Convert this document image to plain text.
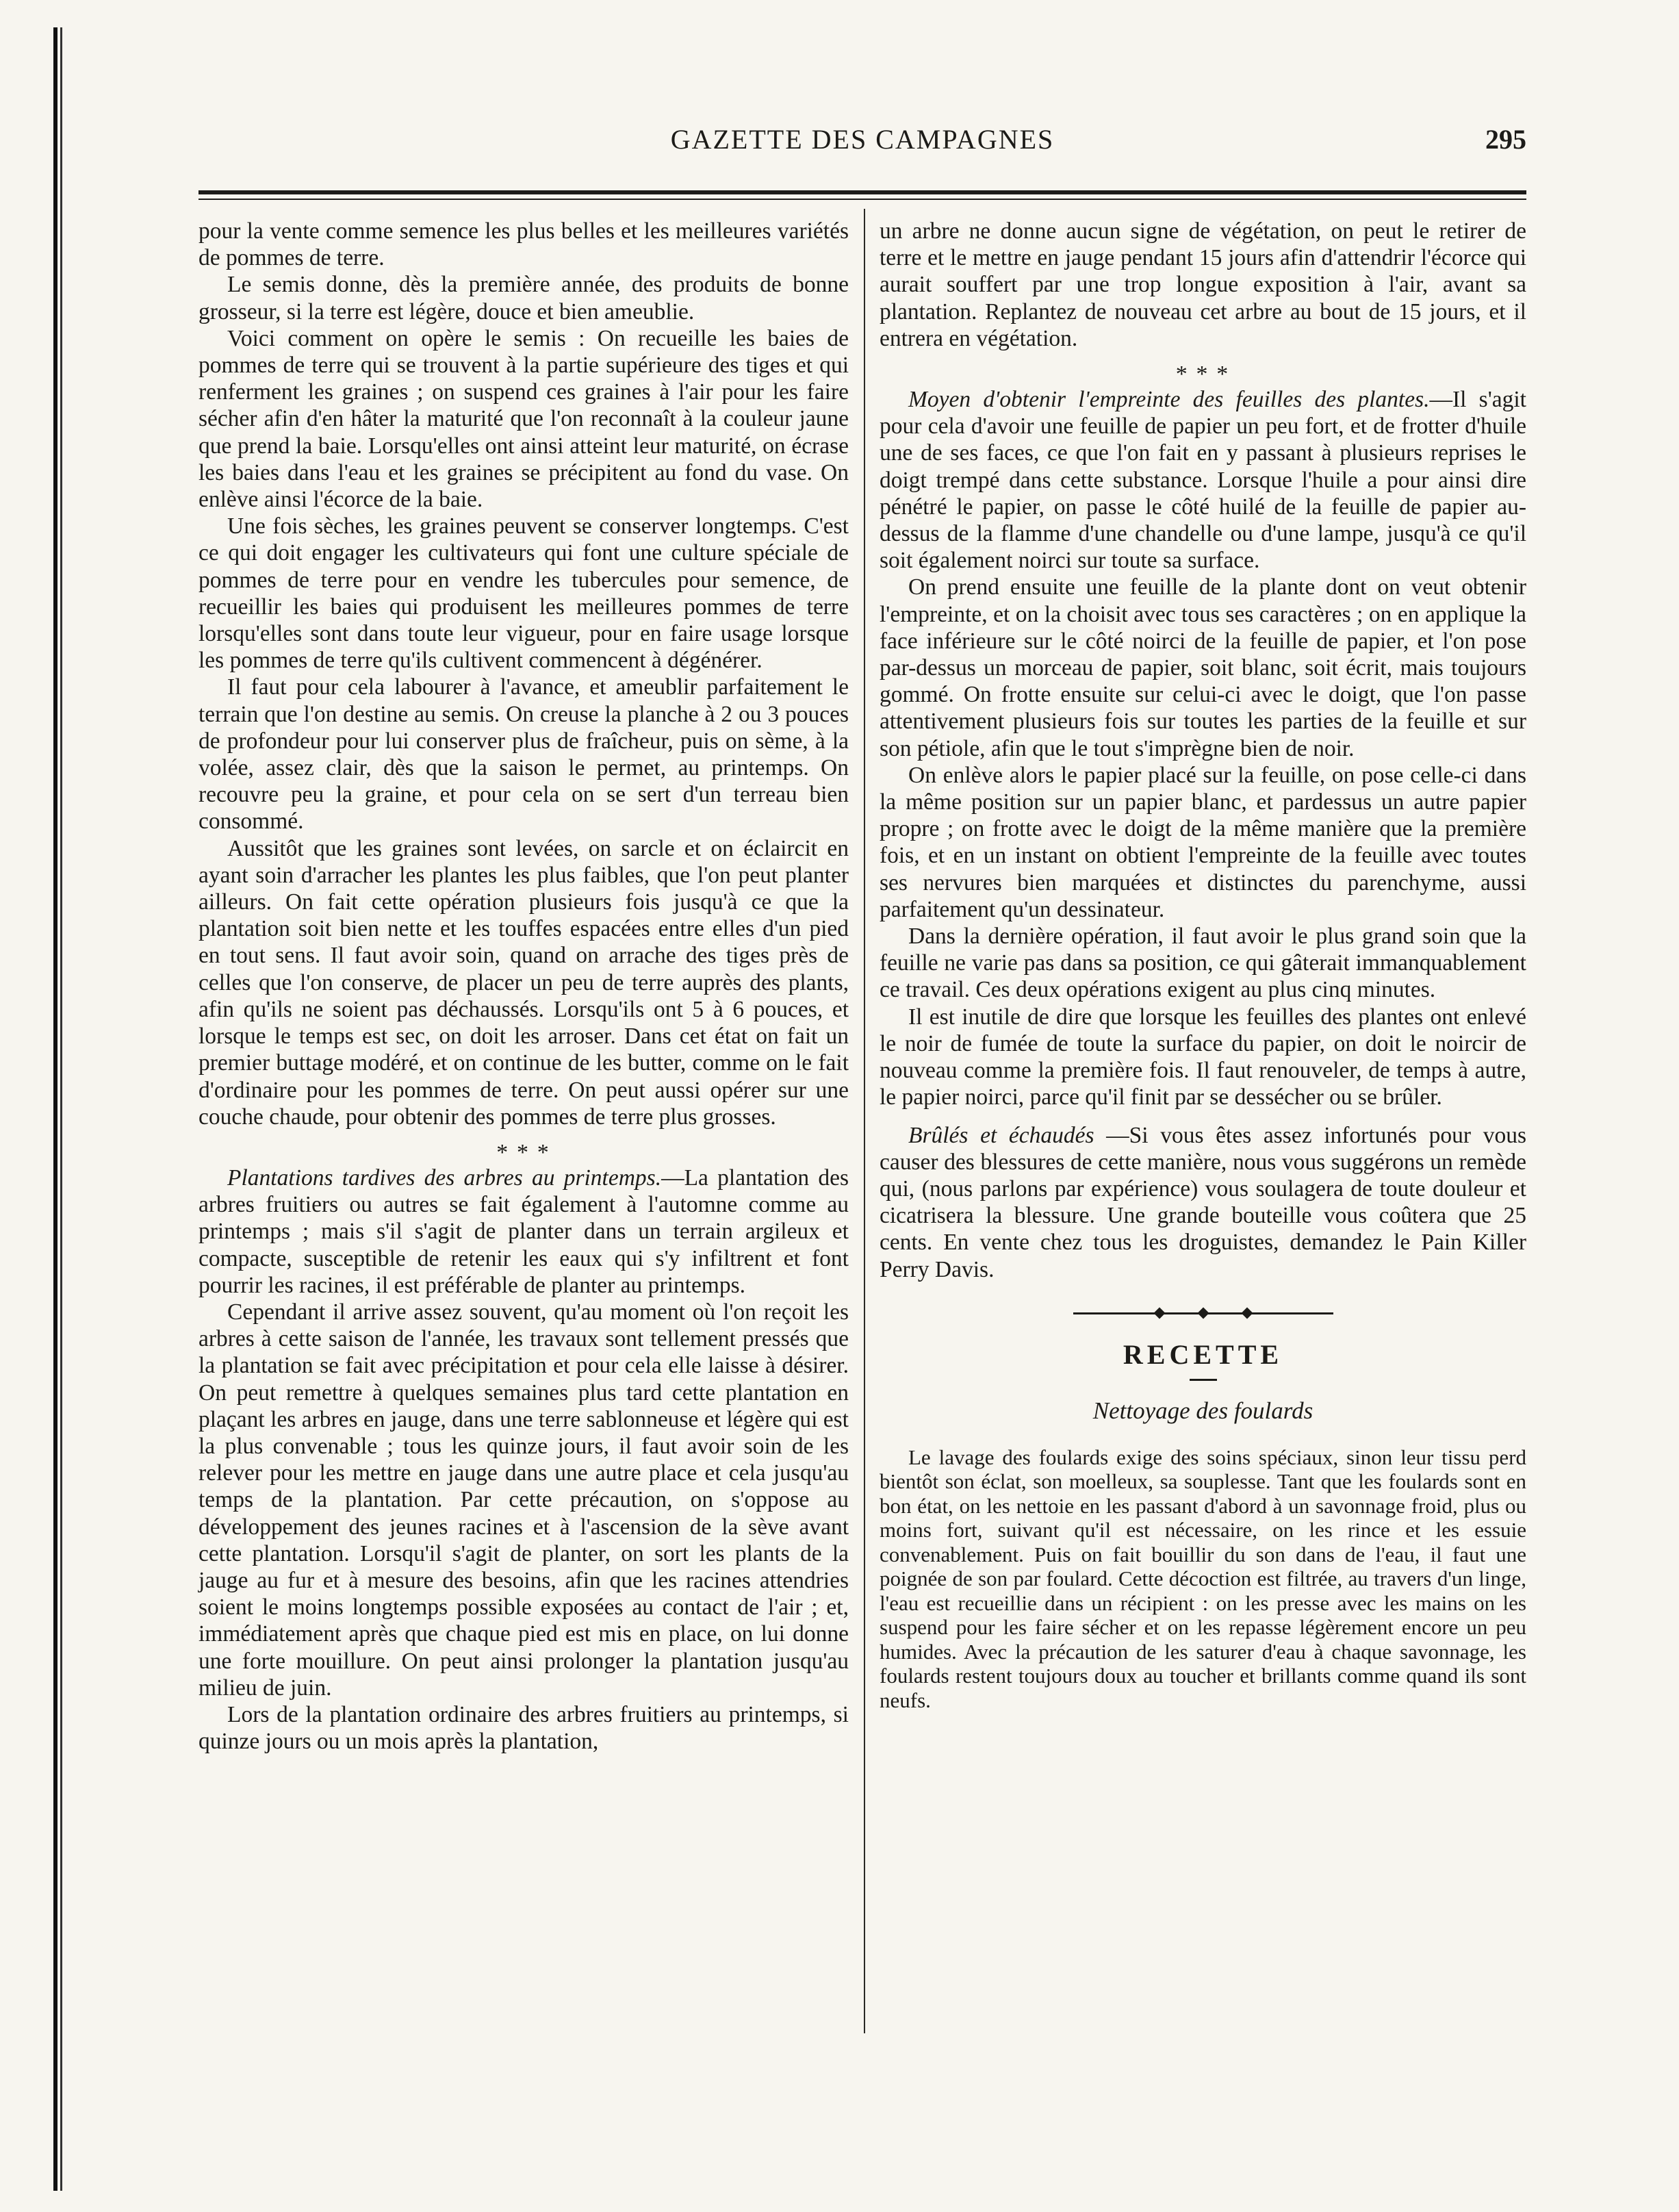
GAZETTE DES CAMPAGNES	295

pour la vente comme semence les plus belles et les meilleures variétés de pommes de terre.

Le semis donne, dès la première année, des produits de bonne grosseur, si la terre est légère, douce et bien ameublie.

Voici comment on opère le semis : On recueille les baies de pommes de terre qui se trouvent à la partie supérieure des tiges et qui renferment les graines ; on suspend ces graines à l'air pour les faire sécher afin d'en hâter la maturité que l'on reconnaît à la couleur jaune que prend la baie. Lorsqu'elles ont ainsi atteint leur maturité, on écrase les baies dans l'eau et les graines se précipitent au fond du vase. On enlève ainsi l'écorce de la baie.

Une fois sèches, les graines peuvent se conserver longtemps. C'est ce qui doit engager les cultivateurs qui font une culture spéciale de pommes de terre pour en vendre les tubercules pour semence, de recueillir les baies qui produisent les meilleures pommes de terre lorsqu'elles sont dans toute leur vigueur, pour en faire usage lorsque les pommes de terre qu'ils cultivent commencent à dégénérer.

Il faut pour cela labourer à l'avance, et ameublir parfaitement le terrain que l'on destine au semis. On creuse la planche à 2 ou 3 pouces de profondeur pour lui conserver plus de fraîcheur, puis on sème, à la volée, assez clair, dès que la saison le permet, au printemps. On recouvre peu la graine, et pour cela on se sert d'un terreau bien consommé.

Aussitôt que les graines sont levées, on sarcle et on éclaircit en ayant soin d'arracher les plantes les plus faibles, que l'on peut planter ailleurs. On fait cette opération plusieurs fois jusqu'à ce que la plantation soit bien nette et les touffes espacées entre elles d'un pied en tout sens. Il faut avoir soin, quand on arrache des tiges près de celles que l'on conserve, de placer un peu de terre auprès des plants, afin qu'ils ne soient pas déchaussés. Lorsqu'ils ont 5 à 6 pouces, et lorsque le temps est sec, on doit les arroser. Dans cet état on fait un premier buttage modéré, et on continue de les butter, comme on le fait d'ordinaire pour les pommes de terre. On peut aussi opérer sur une couche chaude, pour obtenir des pommes de terre plus grosses.

* * *

Plantations tardives des arbres au printemps.—La plantation des arbres fruitiers ou autres se fait également à l'automne comme au printemps ; mais s'il s'agit de planter dans un terrain argileux et compacte, susceptible de retenir les eaux qui s'y infiltrent et font pourrir les racines, il est préférable de planter au printemps.

Cependant il arrive assez souvent, qu'au moment où l'on reçoit les arbres à cette saison de l'année, les travaux sont tellement pressés que la plantation se fait avec précipitation et pour cela elle laisse à désirer. On peut remettre à quelques semaines plus tard cette plantation en plaçant les arbres en jauge, dans une terre sablonneuse et légère qui est la plus convenable ; tous les quinze jours, il faut avoir soin de les relever pour les mettre en jauge dans une autre place et cela jusqu'au temps de la plantation. Par cette précaution, on s'oppose au développement des jeunes racines et à l'ascension de la sève avant cette plantation. Lorsqu'il s'agit de planter, on sort les plants de la jauge au fur et à mesure des besoins, afin que les racines attendries soient le moins longtemps possible exposées au contact de l'air ; et, immédiatement après que chaque pied est mis en place, on lui donne une forte mouillure. On peut ainsi prolonger la plantation jusqu'au milieu de juin.

Lors de la plantation ordinaire des arbres fruitiers au printemps, si quinze jours ou un mois après la plantation,

un arbre ne donne aucun signe de végétation, on peut le retirer de terre et le mettre en jauge pendant 15 jours afin d'attendrir l'écorce qui aurait souffert par une trop longue exposition à l'air, avant sa plantation. Replantez de nouveau cet arbre au bout de 15 jours, et il entrera en végétation.

* * *

Moyen d'obtenir l'empreinte des feuilles des plantes.—Il s'agit pour cela d'avoir une feuille de papier un peu fort, et de frotter d'huile une de ses faces, ce que l'on fait en y passant à plusieurs reprises le doigt trempé dans cette substance. Lorsque l'huile a pour ainsi dire pénétré le papier, on passe le côté huilé de la feuille de papier au-dessus de la flamme d'une chandelle ou d'une lampe, jusqu'à ce qu'il soit également noirci sur toute sa surface.

On prend ensuite une feuille de la plante dont on veut obtenir l'empreinte, et on la choisit avec tous ses caractères ; on en applique la face inférieure sur le côté noirci de la feuille de papier, et l'on pose par-dessus un morceau de papier, soit blanc, soit écrit, mais toujours gommé. On frotte ensuite sur celui-ci avec le doigt, que l'on passe attentivement plusieurs fois sur toutes les parties de la feuille et sur son pétiole, afin que le tout s'imprègne bien de noir.

On enlève alors le papier placé sur la feuille, on pose celle-ci dans la même position sur un papier blanc, et pardessus un autre papier propre ; on frotte avec le doigt de la même manière que la première fois, et en un instant on obtient l'empreinte de la feuille avec toutes ses nervures bien marquées et distinctes du parenchyme, aussi parfaitement qu'un dessinateur.

Dans la dernière opération, il faut avoir le plus grand soin que la feuille ne varie pas dans sa position, ce qui gâterait immanquablement ce travail. Ces deux opérations exigent au plus cinq minutes.

Il est inutile de dire que lorsque les feuilles des plantes ont enlevé le noir de fumée de toute la surface du papier, on doit le noircir de nouveau comme la première fois. Il faut renouveler, de temps à autre, le papier noirci, parce qu'il finit par se dessécher ou se brûler.

Brûlés et échaudés —Si vous êtes assez infortunés pour vous causer des blessures de cette manière, nous vous suggérons un remède qui, (nous parlons par expérience) vous soulagera de toute douleur et cicatrisera la blessure. Une grande bouteille vous coûtera que 25 cents. En vente chez tous les droguistes, demandez le Pain Killer Perry Davis.

RECETTE
Nettoyage des foulards

Le lavage des foulards exige des soins spéciaux, sinon leur tissu perd bientôt son éclat, son moelleux, sa souplesse. Tant que les foulards sont en bon état, on les nettoie en les passant d'abord à un savonnage froid, plus ou moins fort, suivant qu'il est nécessaire, on les rince et les essuie convenablement. Puis on fait bouillir du son dans de l'eau, il faut une poignée de son par foulard. Cette décoction est filtrée, au travers d'un linge, l'eau est recueillie dans un récipient : on les presse avec les mains on les suspend pour les faire sécher et on les repasse légèrement encore un peu humides. Avec la précaution de les saturer d'eau à chaque savonnage, les foulards restent toujours doux au toucher et brillants comme quand ils sont neufs.
